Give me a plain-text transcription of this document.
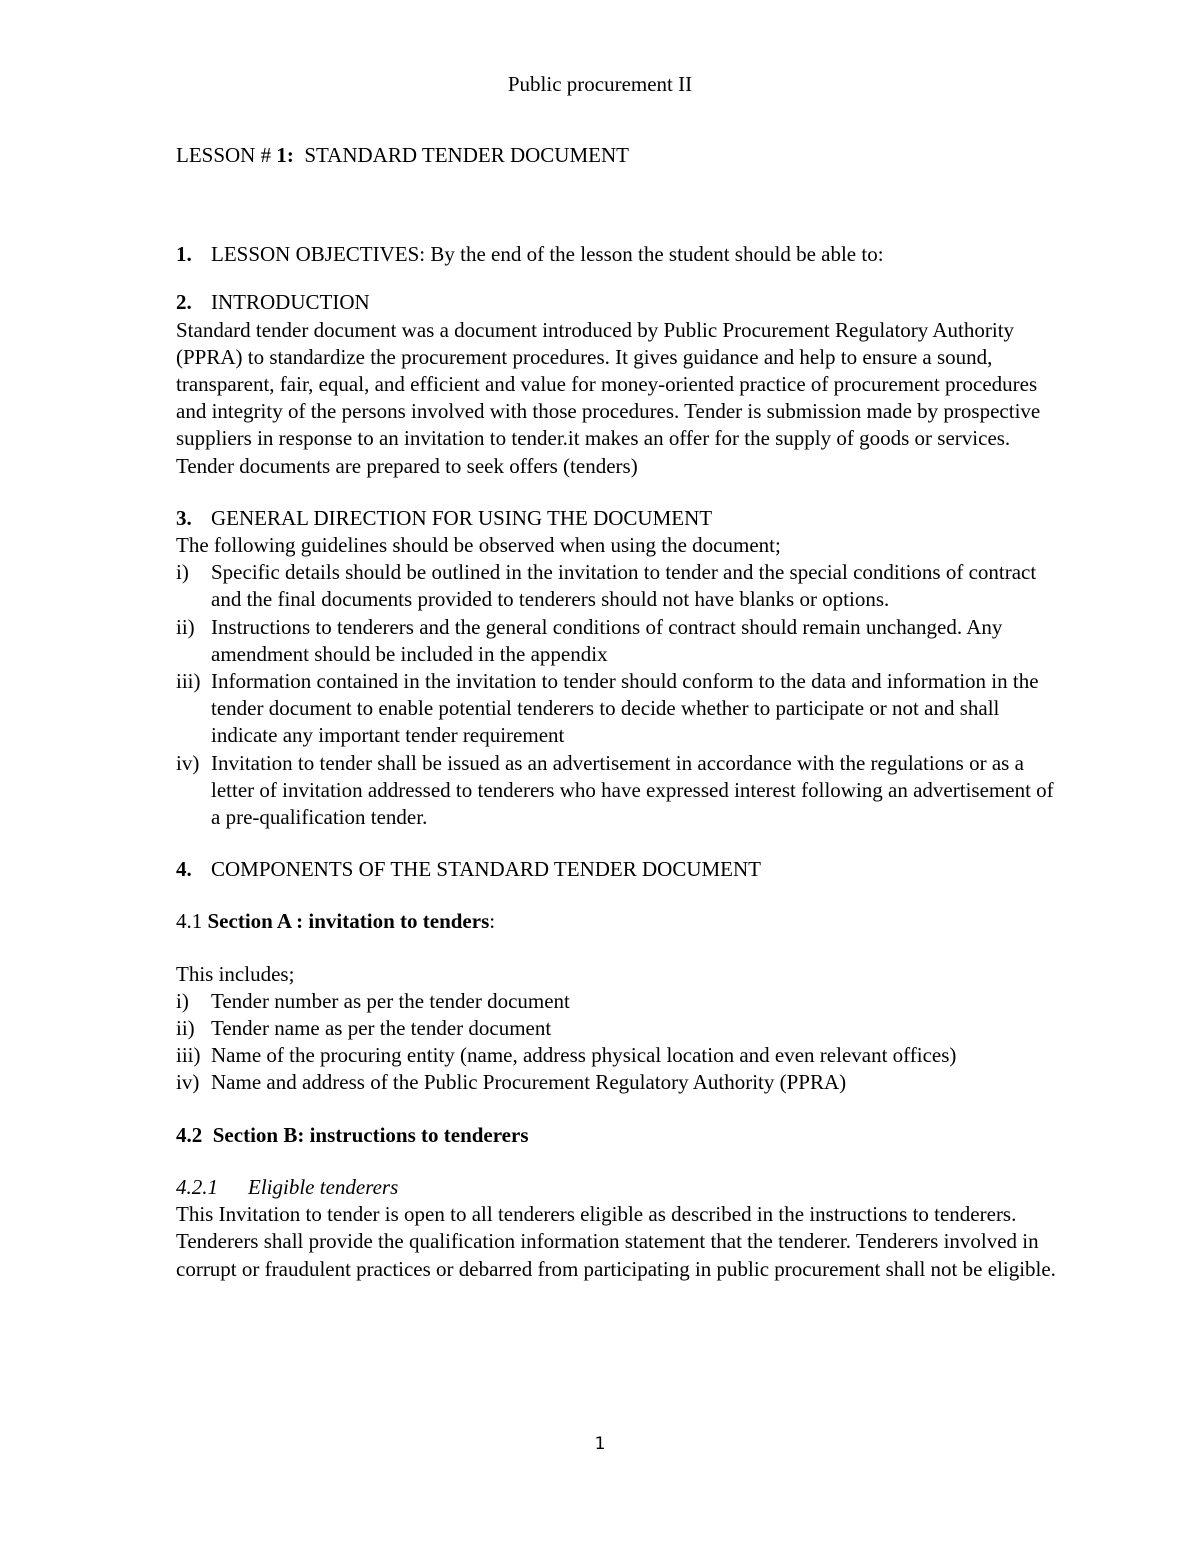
Public procurement II

LESSON # 1:  STANDARD TENDER DOCUMENT

1. LESSON OBJECTIVES: By the end of the lesson the student should be able to:

2. INTRODUCTION

Standard tender document was a document introduced by Public Procurement Regulatory Authority (PPRA) to standardize the procurement procedures. It gives guidance and help to ensure a sound, transparent, fair, equal, and efficient and value for money-oriented practice of procurement procedures and integrity of the persons involved with those procedures. Tender is submission made by prospective suppliers in response to an invitation to tender.it makes an offer for the supply of goods or services. Tender documents are prepared to seek offers (tenders)

3. GENERAL DIRECTION FOR USING THE DOCUMENT

The following guidelines should be observed when using the document;

i)	Specific details should be outlined in the invitation to tender and the special conditions of contract and the final documents provided to tenderers should not have blanks or options.
ii) Instructions to tenderers and the general conditions of contract should remain unchanged. Any amendment should be included in the appendix
iii) Information contained in the invitation to tender should conform to the data and information in the tender document to enable potential tenderers to decide whether to participate or not and shall indicate any important tender requirement
iv) Invitation to tender shall be issued as an advertisement in accordance with the regulations or as a letter of invitation addressed to tenderers who have expressed interest following an advertisement of a pre-qualification tender.

4. COMPONENTS OF THE STANDARD TENDER DOCUMENT

4.1 Section A : invitation to tenders:

This includes;

i)	Tender number as per the tender document
ii) Tender name as per the tender document
iii) Name of the procuring entity (name, address physical location and even relevant offices)
iv) Name and address of the Public Procurement Regulatory Authority (PPRA)

4.2  Section B: instructions to tenderers

4.2.1 Eligible tenderers

This Invitation to tender is open to all tenderers eligible as described in the instructions to tenderers. Tenderers shall provide the qualification information statement that the tenderer. Tenderers involved in corrupt or fraudulent practices or debarred from participating in public procurement shall not be eligible.

1
